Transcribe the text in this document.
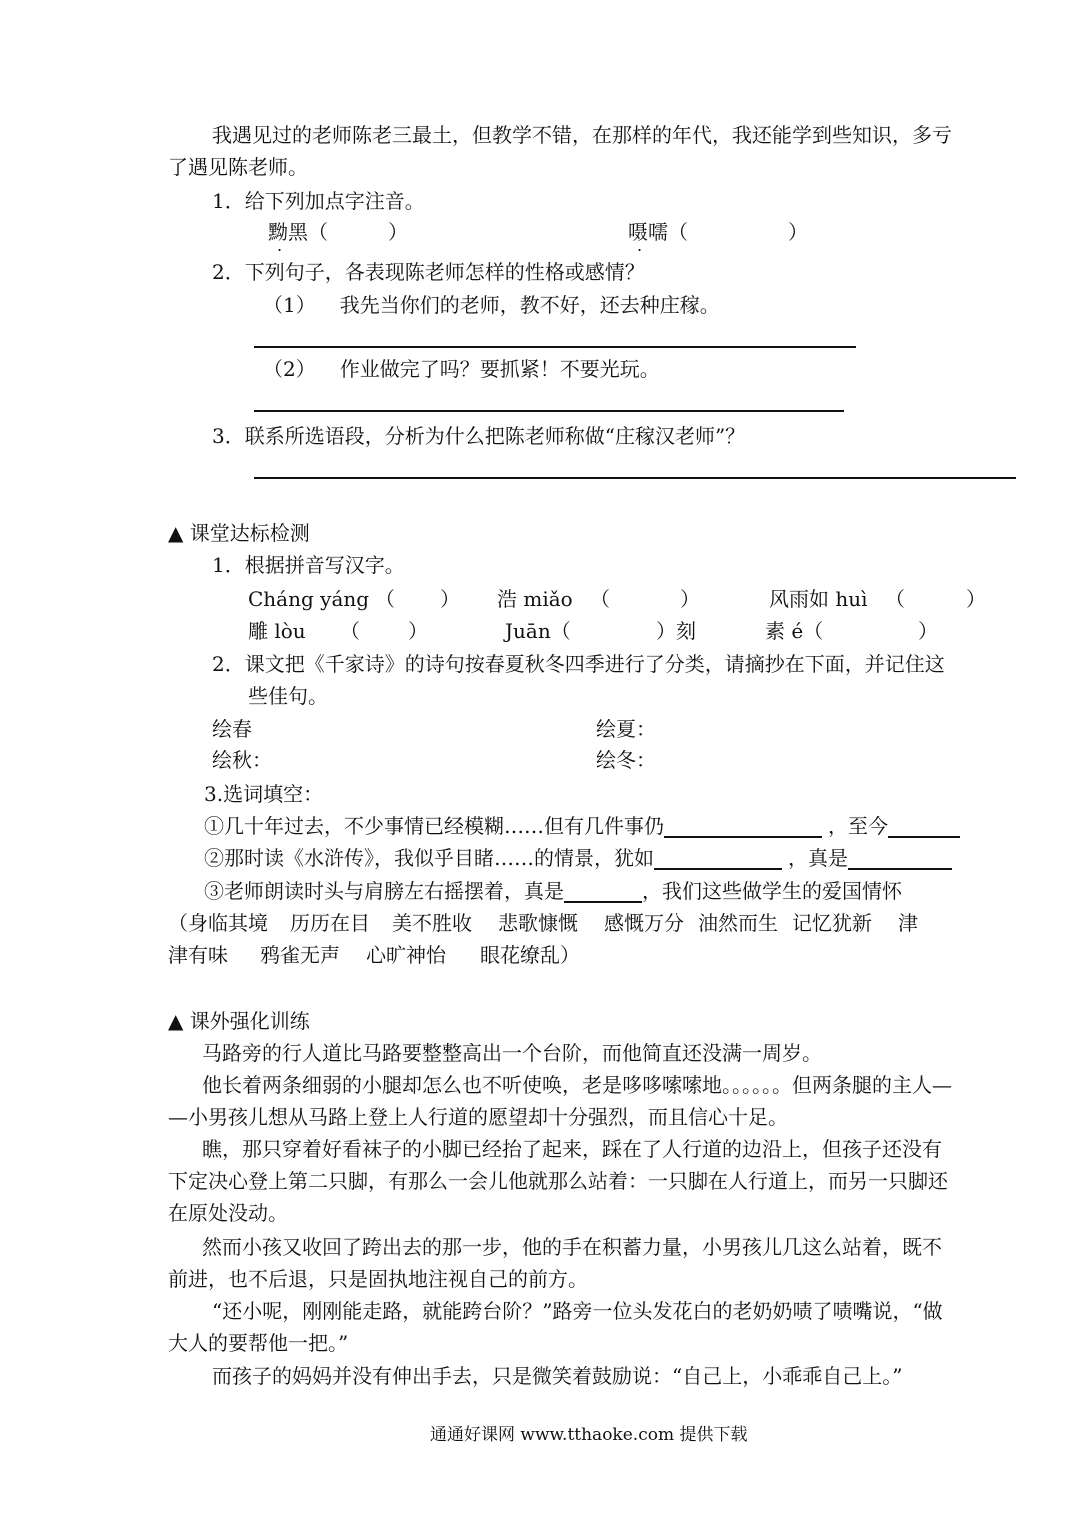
我遇见过的老师陈老三最土，但教学不错，在那样的年代，我还能学到些知识，多亏
了遇见陈老师。
1．给下列加点字注音。
黝黑（	）	嗫嚅（	）
2．下列句子，各表现陈老师怎样的性格或感情？
（1） 我先当你们的老师，教不好，还去种庄稼。
（2） 作业做完了吗？要抓紧！不要光玩。
3．联系所选语段，分析为什么把陈老师称做“庄稼汉老师”？
▲ 课堂达标检测
1．根据拼音写汉字。
Cháng yáng （ ） 浩 miǎo （	）	风雨如 huì （	）
雕 lòu （ ）	Juān（	）刻	素 é（	）
2．课文把《千家诗》的诗句按春夏秋冬四季进行了分类，请摘抄在下面，并记住这
些佳句。
绘春	绘夏：
绘秋：	绘冬：
3.选词填空：
①几十年过去，不少事情已经模糊……但有几件事仍	，至今
②那时读《水浒传》，我似乎目睹……的情景，犹如	，真是
③老师朗读时头与肩膀左右摇摆着，真是	，我们这些做学生的爱国情怀
（身临其境 历历在目 美不胜收 悲歌慷慨 感慨万分 油然而生 记忆犹新 津
津有味 鸦雀无声 心旷神怡 眼花缭乱）
▲ 课外强化训练
马路旁的行人道比马路要整整高出一个台阶，而他简直还没满一周岁。
他长着两条细弱的小腿却怎么也不听使唤，老是哆哆嗦嗦地。。。。。。但两条腿的主人—
—小男孩儿想从马路上登上人行道的愿望却十分强烈，而且信心十足。
瞧，那只穿着好看袜子的小脚已经抬了起来，踩在了人行道的边沿上，但孩子还没有
下定决心登上第二只脚，有那么一会儿他就那么站着：一只脚在人行道上，而另一只脚还
在原处没动。
然而小孩又收回了跨出去的那一步，他的手在积蓄力量，小男孩儿几这么站着，既不
前进，也不后退，只是固执地注视自己的前方。
“还小呢，刚刚能走路，就能跨台阶？”路旁一位头发花白的老奶奶啧了啧嘴说，“做
大人的要帮他一把。”
而孩子的妈妈并没有伸出手去，只是微笑着鼓励说：“自己上，小乖乖自己上。”
通通好课网 www.tthaoke.com 提供下载
